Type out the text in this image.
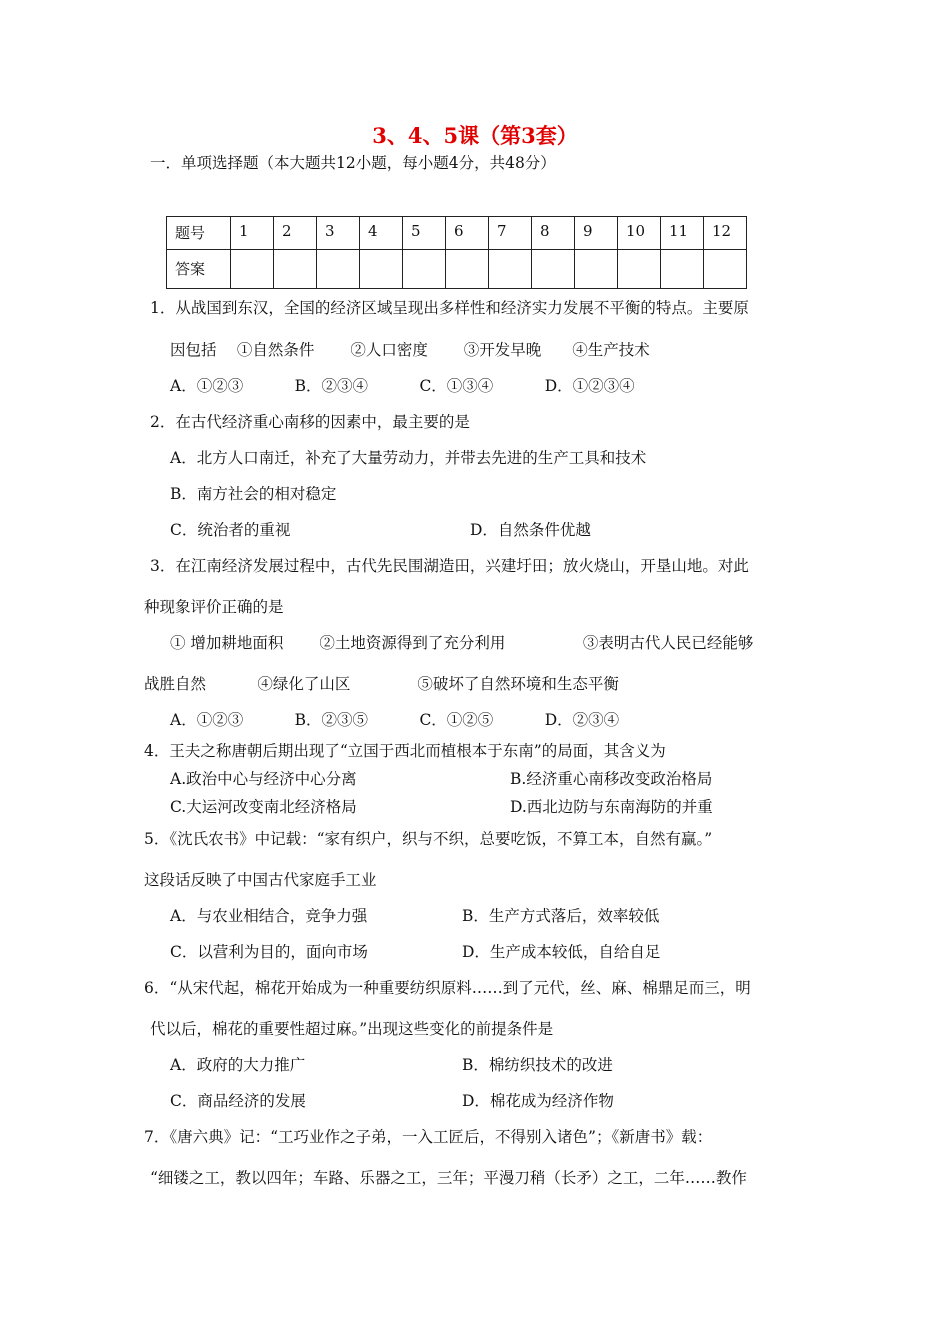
3、4、5课（第3套）
一．单项选择题（本大题共12小题，每小题4分，共48分）
题号	1	2	3	4	5	6	7	8	9	10	11	12
答案												
1．从战国到东汉，全国的经济区域呈现出多样性和经济实力发展不平衡的特点。主要原
因包括　 ①自然条件　　 ②人口密度　　 ③开发早晚　　④生产技术
A．①②③　　　 B．②③④　　　 C．①③④　　　 D．①②③④
2．在古代经济重心南移的因素中，最主要的是
A．北方人口南迁，补充了大量劳动力，并带去先进的生产工具和技术
B．南方社会的相对稳定
C．统治者的重视	D．自然条件优越
3．在江南经济发展过程中，古代先民围湖造田，兴建圩田；放火烧山，开垦山地。对此
种现象评价正确的是
① 增加耕地面积　　 ②土地资源得到了充分利用　　　　　③表明古代人民已经能够
战胜自然　　　 ④绿化了山区　　　　 ⑤破坏了自然环境和生态平衡
A．①②③　　　 B．②③⑤　　　 C．①②⑤　　　 D．②③④
4．王夫之称唐朝后期出现了“立国于西北而植根本于东南”的局面，其含义为
A.政治中心与经济中心分离	B.经济重心南移改变政治格局
C.大运河改变南北经济格局	D.西北边防与东南海防的并重
5．《沈氏农书》中记载：“家有织户，织与不织，总要吃饭，不算工本，自然有赢。”
这段话反映了中国古代家庭手工业
A．与农业相结合，竞争力强	B．生产方式落后，效率较低
C．以营利为目的，面向市场	D．生产成本较低，自给自足
6．“从宋代起，棉花开始成为一种重要纺织原料……到了元代，丝、麻、棉鼎足而三，明
代以后，棉花的重要性超过麻。”出现这些变化的前提条件是
A．政府的大力推广	B．棉纺织技术的改进
C．商品经济的发展	D．棉花成为经济作物
7．《唐六典》记：“工巧业作之子弟，一入工匠后，不得别入诸色”；《新唐书》载：
“细镂之工，教以四年；车路、乐器之工，三年；平漫刀稍（长矛）之工，二年……教作
